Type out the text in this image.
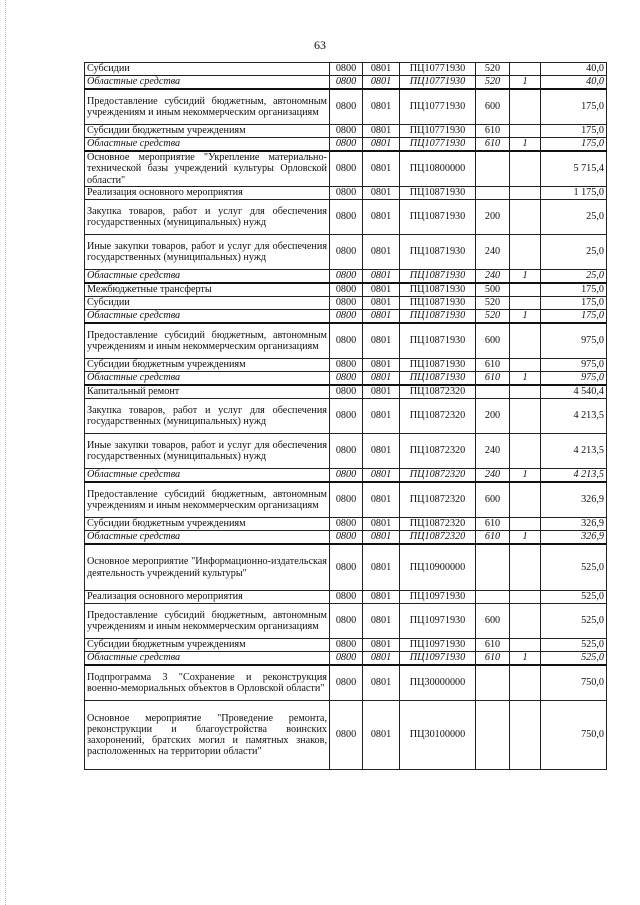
63
Субсидии	0800	0801	ПЦ10771930	520		40,0
Областные средства	0800	0801	ПЦ10771930	520	1	40,0
Предоставление субсидий бюджетным, автономным учреждениям и иным некоммерческим организациям	0800	0801	ПЦ10771930	600		175,0
Субсидии бюджетным учреждениям	0800	0801	ПЦ10771930	610		175,0
Областные средства	0800	0801	ПЦ10771930	610	1	175,0
Основное мероприятие "Укрепление материально-технической базы учреждений культуры Орловской области"	0800	0801	ПЦ10800000			5 715,4
Реализация основного мероприятия	0800	0801	ПЦ10871930			1 175,0
Закупка товаров, работ и услуг для обеспечения государственных (муниципальных) нужд	0800	0801	ПЦ10871930	200		25,0
Иные закупки товаров, работ и услуг для обеспечения государственных (муниципальных) нужд	0800	0801	ПЦ10871930	240		25,0
Областные средства	0800	0801	ПЦ10871930	240	1	25,0
Межбюджетные трансферты	0800	0801	ПЦ10871930	500		175,0
Субсидии	0800	0801	ПЦ10871930	520		175,0
Областные средства	0800	0801	ПЦ10871930	520	1	175,0
Предоставление субсидий бюджетным, автономным учреждениям и иным некоммерческим организациям	0800	0801	ПЦ10871930	600		975,0
Субсидии бюджетным учреждениям	0800	0801	ПЦ10871930	610		975,0
Областные средства	0800	0801	ПЦ10871930	610	1	975,0
Капитальный ремонт	0800	0801	ПЦ10872320			4 540,4
Закупка товаров, работ и услуг для обеспечения государственных (муниципальных) нужд	0800	0801	ПЦ10872320	200		4 213,5
Иные закупки товаров, работ и услуг для обеспечения государственных (муниципальных) нужд	0800	0801	ПЦ10872320	240		4 213,5
Областные средства	0800	0801	ПЦ10872320	240	1	4 213,5
Предоставление субсидий бюджетным, автономным учреждениям и иным некоммерческим организациям	0800	0801	ПЦ10872320	600		326,9
Субсидии бюджетным учреждениям	0800	0801	ПЦ10872320	610		326,9
Областные средства	0800	0801	ПЦ10872320	610	1	326,9
Основное мероприятие "Информационно-издательская деятельность учреждений культуры"	0800	0801	ПЦ10900000			525,0
Реализация основного мероприятия	0800	0801	ПЦ10971930			525,0
Предоставление субсидий бюджетным, автономным учреждениям и иным некоммерческим организациям	0800	0801	ПЦ10971930	600		525,0
Субсидии бюджетным учреждениям	0800	0801	ПЦ10971930	610		525,0
Областные средства	0800	0801	ПЦ10971930	610	1	525,0
Подпрограмма 3 "Сохранение и реконструкция военно-мемориальных объектов в Орловской области"	0800	0801	ПЦ30000000			750,0
Основное мероприятие "Проведение ремонта, реконструкции и благоустройства воинских захоронений, братских могил и памятных знаков, расположенных на территории области"	0800	0801	ПЦ30100000			750,0
